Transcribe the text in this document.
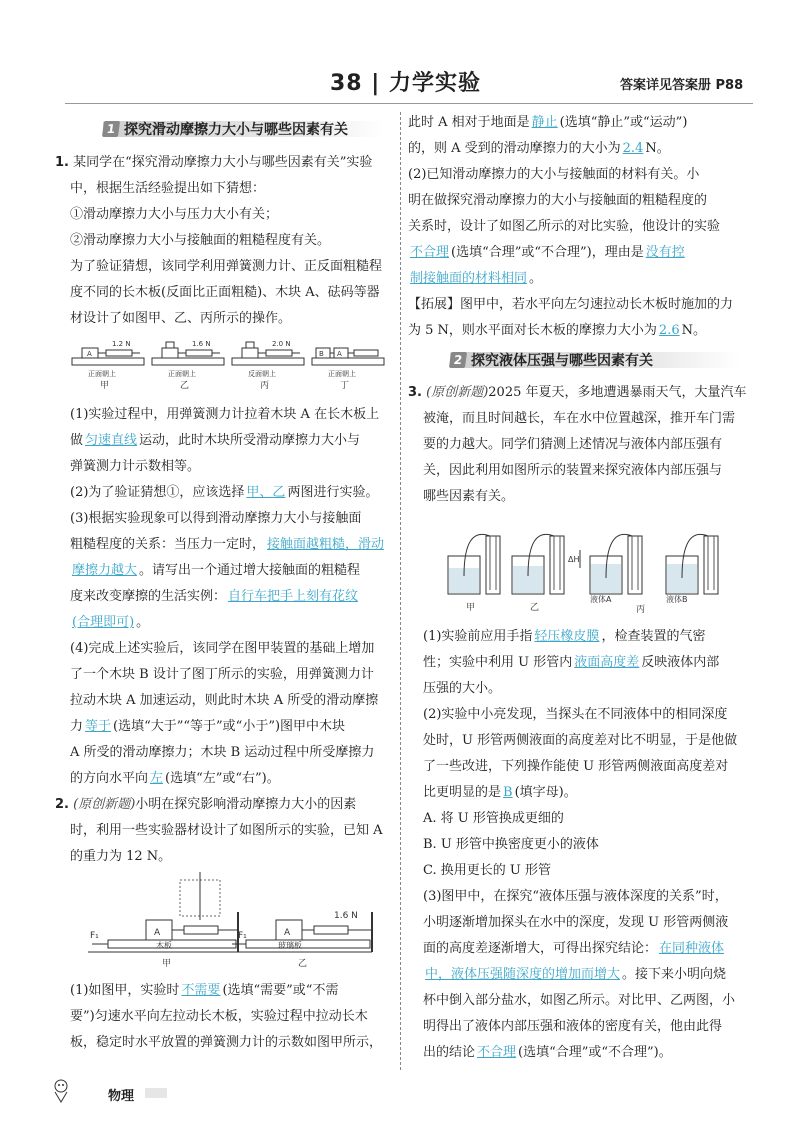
38 | 力学实验	答案详见答案册 P88
1 探究滑动摩擦力大小与哪些因素有关
1. 某同学在“探究滑动摩擦力大小与哪些因素有关”实验
中，根据生活经验提出如下猜想：
①滑动摩擦力大小与压力大小有关；
②滑动摩擦力大小与接触面的粗糙程度有关。
为了验证猜想，该同学利用弹簧测力计、正反面粗糙程
度不同的长木板(反面比正面粗糙)、木块 A、砝码等器
材设计了如图甲、乙、丙所示的操作。
A
1.2 N
正面朝上
甲
1.6 N
正面朝上
乙
2.0 N
反面朝上
丙
B A
正面朝上
丁
(1)实验过程中，用弹簧测力计拉着木块 A 在长木板上
做 匀速直线 运动，此时木块所受滑动摩擦力大小与
弹簧测力计示数相等。
(2)为了验证猜想①，应该选择 甲、乙 两图进行实验。
(3)根据实验现象可以得到滑动摩擦力大小与接触面
粗糙程度的关系：当压力一定时， 接触面越粗糙，滑动
摩擦力越大 。请写出一个通过增大接触面的粗糙程
度来改变摩擦的生活实例： 自行车把手上刻有花纹
(合理即可) 。
(4)完成上述实验后，该同学在图甲装置的基础上增加
了一个木块 B 设计了图丁所示的实验，用弹簧测力计
拉动木块 A 加速运动，则此时木块 A 所受的滑动摩擦
力 等于 (选填“大于”“等于”或“小于”)图甲中木块
A 所受的滑动摩擦力；木块 B 运动过程中所受摩擦力
的方向水平向 左 (选填“左”或“右”)。
2. (原创新题)小明在探究影响滑动摩擦力大小的因素
时，利用一些实验器材设计了如图所示的实验，已知 A
的重力为 12 N。
A
木板
F₁
甲
A
玻璃板
1.6 N
F₁
乙
(1)如图甲，实验时 不需要 (选填“需要”或“不需
要”)匀速水平向左拉动长木板，实验过程中拉动长木
板，稳定时水平放置的弹簧测力计的示数如图甲所示，
此时 A 相对于地面是 静止 (选填“静止”或“运动”)
的，则 A 受到的滑动摩擦力的大小为 2.4 N。
(2)已知滑动摩擦力的大小与接触面的材料有关。小
明在做探究滑动摩擦力的大小与接触面的粗糙程度的
关系时，设计了如图乙所示的对比实验，他设计的实验
不合理 (选填“合理”或“不合理”)，理由是 没有控
制接触面的材料相同 。
【拓展】图甲中，若水平向左匀速拉动长木板时施加的力
为 5 N，则水平面对长木板的摩擦力大小为 2.6 N。
2 探究液体压强与哪些因素有关
3. (原创新题)2025 年夏天，多地遭遇暴雨天气，大量汽车
被淹，而且时间越长，车在水中位置越深，推开车门需
要的力越大。同学们猜测上述情况与液体内部压强有
关，因此利用如图所示的装置来探究液体内部压强与
哪些因素有关。
甲	乙
ΔH
液体A	液体B
丙
(1)实验前应用手指 轻压橡皮膜 ，检查装置的气密
性；实验中利用 U 形管内 液面高度差 反映液体内部
压强的大小。
(2)实验中小亮发现，当探头在不同液体中的相同深度
处时，U 形管两侧液面的高度差对比不明显，于是他做
了一些改进，下列操作能使 U 形管两侧液面高度差对
比更明显的是 B (填字母)。
A. 将 U 形管换成更细的
B. U 形管中换密度更小的液体
C. 换用更长的 U 形管
(3)图甲中，在探究“液体压强与液体深度的关系”时，
小明逐渐增加探头在水中的深度，发现 U 形管两侧液
面的高度差逐渐增大，可得出探究结论： 在同种液体
中，液体压强随深度的增加而增大 。接下来小明向烧
杯中倒入部分盐水，如图乙所示。对比甲、乙两图，小
明得出了液体内部压强和液体的密度有关，他由此得
出的结论 不合理 (选填“合理”或“不合理”)。
物理
